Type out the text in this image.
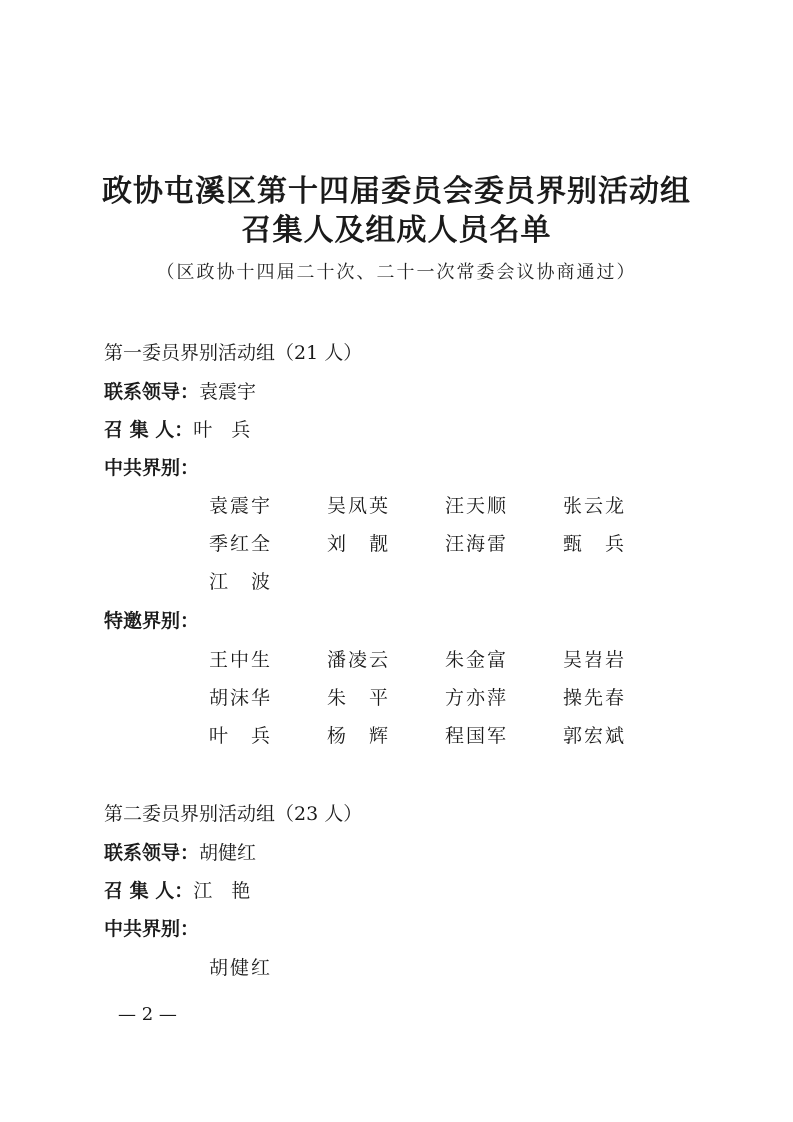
政协屯溪区第十四届委员会委员界别活动组
召集人及组成人员名单
（区政协十四届二十次、二十一次常委会议协商通过）
第一委员界别活动组（21 人）
联系领导：袁震宇
召 集 人：叶　兵
中共界别：
袁震宇	吴凤英	汪天顺	张云龙
季红全	刘　靓	汪海雷	甄　兵
江　波
特邀界别：
王中生	潘凌云	朱金富	吴岧岩
胡沫华	朱　平	方亦萍	操先春
叶　兵	杨　辉	程国军	郭宏斌
第二委员界别活动组（23 人）
联系领导：胡健红
召 集 人：江　艳
中共界别：
胡健红
— 2 —
